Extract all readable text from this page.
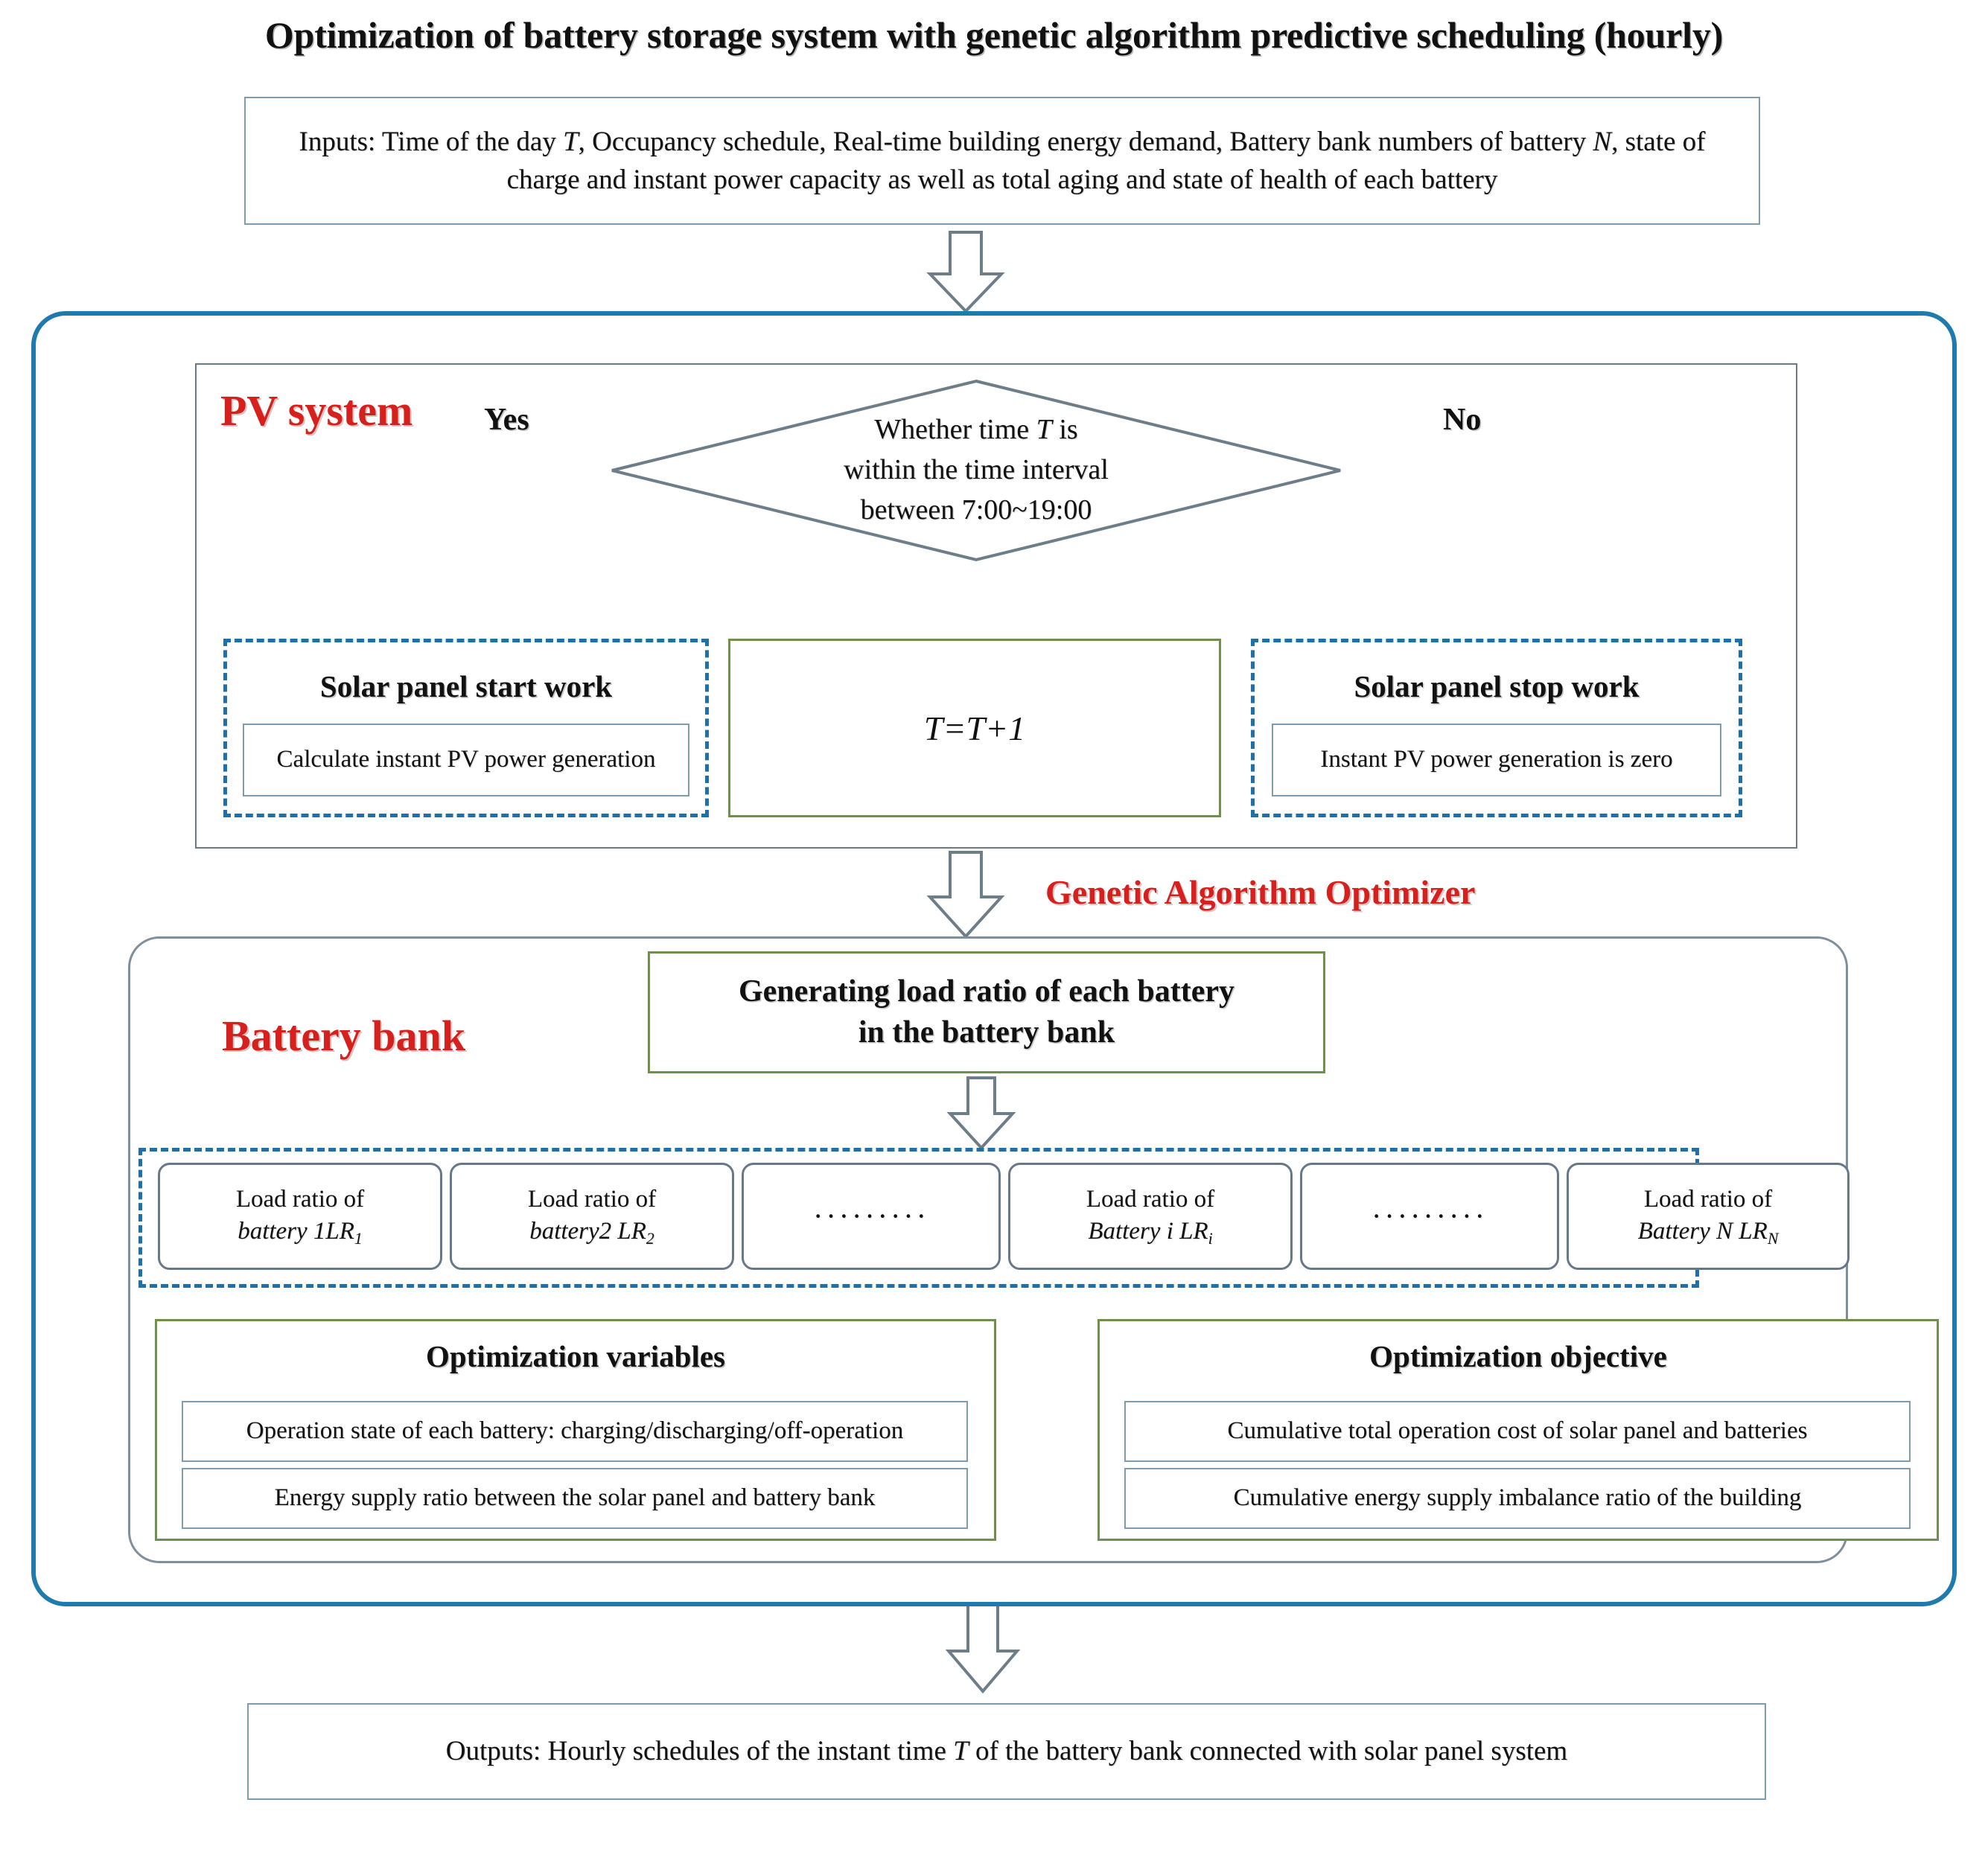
Optimization of battery storage system with genetic algorithm predictive scheduling (hourly)
Inputs: Time of the day T, Occupancy schedule, Real-time building energy demand, Battery bank numbers of battery N, state of charge and instant power capacity as well as total aging and state of health of each battery
PV system Yes	No
Whether time T is
within the time interval
between 7:00~19:00
Solar panel start work
Calculate instant PV power generation
T=T+1
Solar panel stop work
Instant PV power generation is zero
Genetic Algorithm Optimizer
Battery bank
Generating load ratio of each battery
in the battery bank
Load ratio of
battery $1LR_1$
Load ratio of
battery2 $LR_2$
·········
Load ratio of
Battery i $LR_i$
·········
Load ratio of
Battery N $LR_N$
Optimization variables
Operation state of each battery: charging/discharging/off-operation
Energy supply ratio between the solar panel and battery bank
Optimization objective
Cumulative total operation cost of solar panel and batteries
Cumulative energy supply imbalance ratio of the building
Outputs: Hourly schedules of the instant time T of the battery bank connected with solar panel system
